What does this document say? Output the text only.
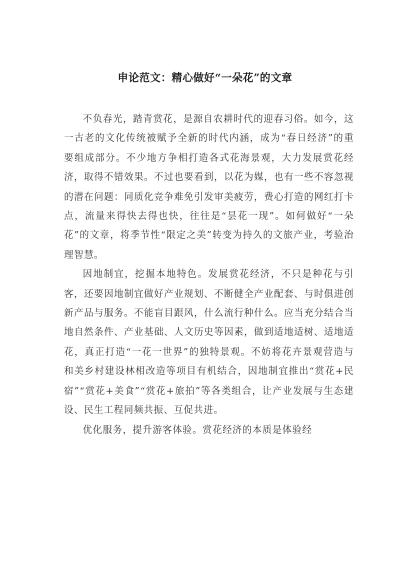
申论范文：精心做好“一朵花”的文章

不负春光，踏青赏花，是源自农耕时代的迎春习俗。如今，这一古老的文化传统被赋予全新的时代内涵，成为“春日经济”的重要组成部分。不少地方争相打造各式花海景观，大力发展赏花经济，取得不错效果。不过也要看到，以花为媒，也有一些不容忽视的潜在问题：同质化竞争难免引发审美疲劳，费心打造的网红打卡点，流量来得快去得也快，往往是“昙花一现”。如何做好“一朵花”的文章，将季节性“限定之美”转变为持久的文旅产业，考验治理智慧。

因地制宜，挖掘本地特色。发展赏花经济，不只是种花与引客，还要因地制宜做好产业规划、不断健全产业配套、与时俱进创新产品与服务。不能盲目跟风，什么流行种什么。应当充分结合当地自然条件、产业基础、人文历史等因素，做到适地适树、适地适花，真正打造“一花一世界”的独特景观。不妨将花卉景观营造与和美乡村建设林相改造等项目有机结合，因地制宜推出“赏花+民宿”“赏花+美食”“赏花+旅拍”等各类组合，让产业发展与生态建设、民生工程同频共振、互促共进。

优化服务，提升游客体验。赏花经济的本质是体验经
